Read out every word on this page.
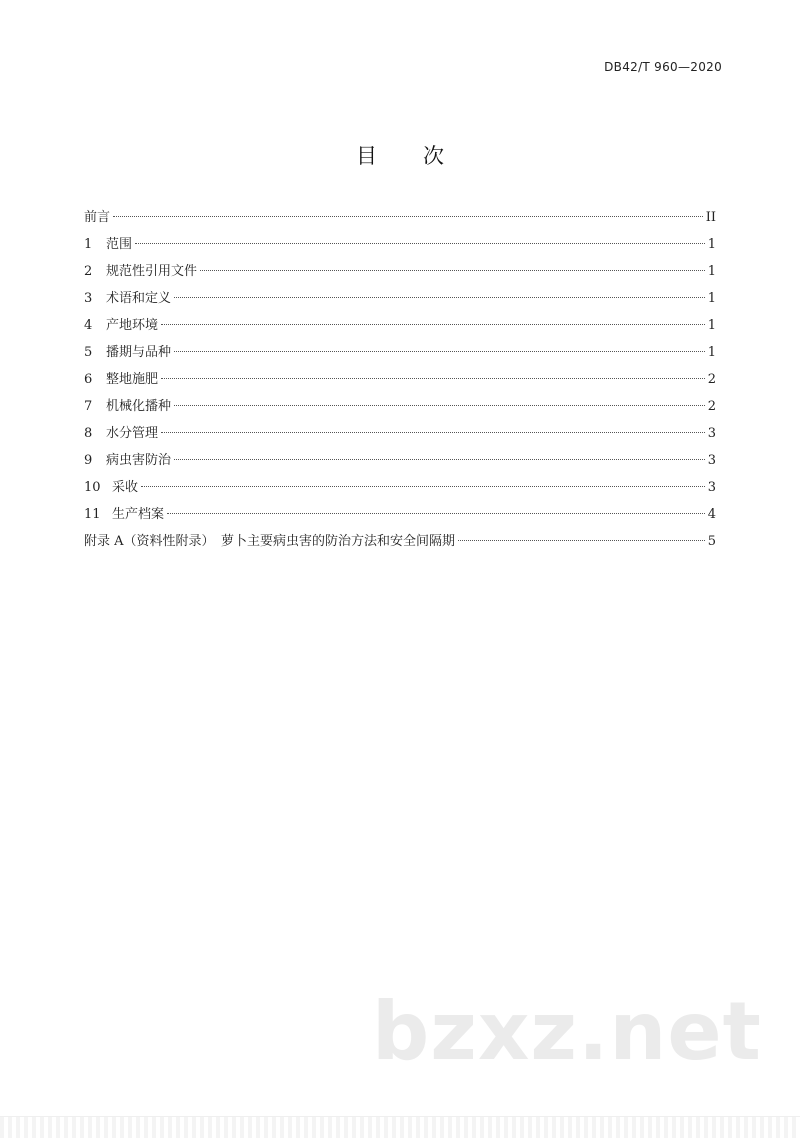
DB42/T 960—2020
目次
前言	II
1	范围	1
2	规范性引用文件	1
3	术语和定义	1
4	产地环境	1
5	播期与品种	1
6	整地施肥	2
7	机械化播种	2
8	水分管理	3
9	病虫害防治	3
10 采收	3
11 生产档案	4
附录 A（资料性附录）　萝卜主要病虫害的防治方法和安全间隔期	5
bzxz.net
